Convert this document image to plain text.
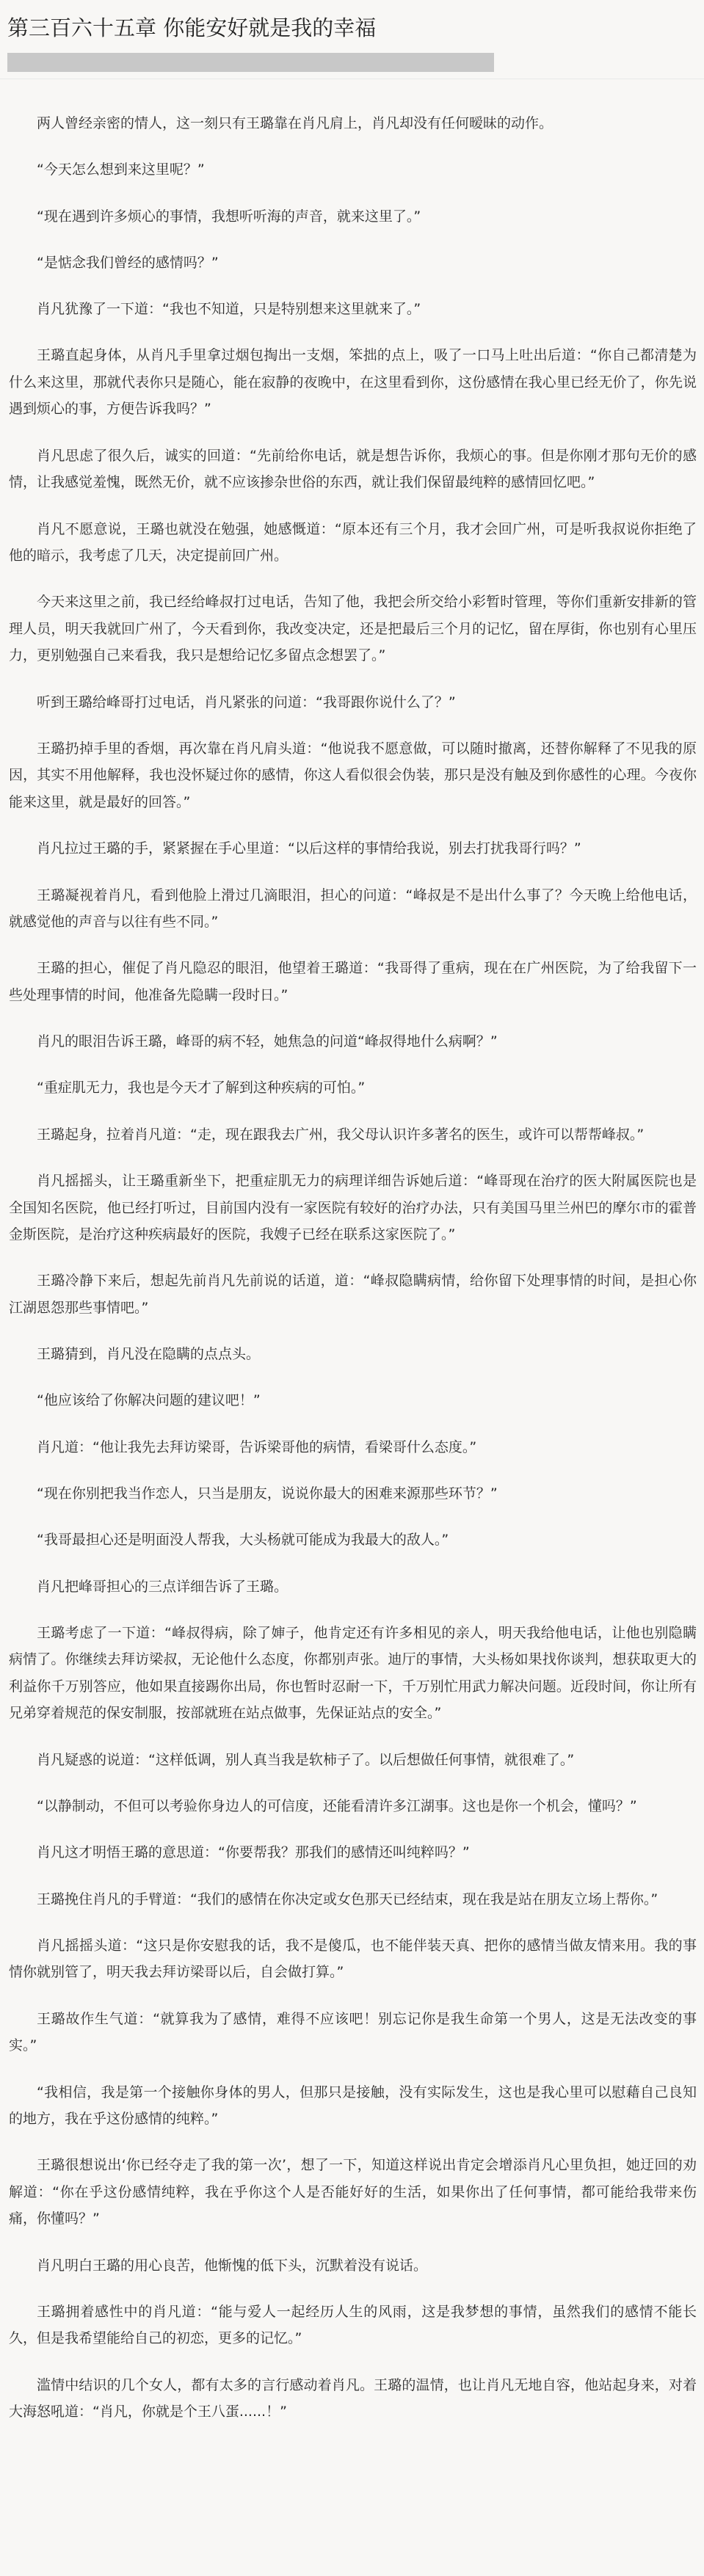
第三百六十五章 你能安好就是我的幸福

两人曾经亲密的情人，这一刻只有王璐靠在肖凡肩上，肖凡却没有任何暧昧的动作。

“今天怎么想到来这里呢？”

“现在遇到许多烦心的事情，我想听听海的声音，就来这里了。”

“是惦念我们曾经的感情吗？”

肖凡犹豫了一下道：“我也不知道，只是特别想来这里就来了。”

王璐直起身体，从肖凡手里拿过烟包掏出一支烟，笨拙的点上，吸了一口马上吐出后道：“你自己都清楚为什么来这里，那就代表你只是随心，能在寂静的夜晚中，在这里看到你，这份感情在我心里已经无价了，你先说遇到烦心的事，方便告诉我吗？”

肖凡思虑了很久后，诚实的回道：“先前给你电话，就是想告诉你，我烦心的事。但是你刚才那句无价的感情，让我感觉羞愧，既然无价，就不应该掺杂世俗的东西，就让我们保留最纯粹的感情回忆吧。”

肖凡不愿意说，王璐也就没在勉强，她感慨道：“原本还有三个月，我才会回广州，可是听我叔说你拒绝了他的暗示，我考虑了几天，决定提前回广州。

今天来这里之前，我已经给峰叔打过电话，告知了他，我把会所交给小彩暂时管理，等你们重新安排新的管理人员，明天我就回广州了，今天看到你，我改变决定，还是把最后三个月的记忆，留在厚街，你也别有心里压力，更别勉强自己来看我，我只是想给记忆多留点念想罢了。”

听到王璐给峰哥打过电话，肖凡紧张的问道：“我哥跟你说什么了？”

王璐扔掉手里的香烟，再次靠在肖凡肩头道：“他说我不愿意做，可以随时撤离，还替你解释了不见我的原因，其实不用他解释，我也没怀疑过你的感情，你这人看似很会伪装，那只是没有触及到你感性的心理。今夜你能来这里，就是最好的回答。”

肖凡拉过王璐的手，紧紧握在手心里道：“以后这样的事情给我说，别去打扰我哥行吗？”

王璐凝视着肖凡，看到他脸上滑过几滴眼泪，担心的问道：“峰叔是不是出什么事了？今天晚上给他电话，就感觉他的声音与以往有些不同。”

王璐的担心，催促了肖凡隐忍的眼泪，他望着王璐道：“我哥得了重病，现在在广州医院，为了给我留下一些处理事情的时间，他准备先隐瞒一段时日。”

肖凡的眼泪告诉王璐，峰哥的病不轻，她焦急的问道“峰叔得地什么病啊？”

“重症肌无力，我也是今天才了解到这种疾病的可怕。”

王璐起身，拉着肖凡道：“走，现在跟我去广州，我父母认识许多著名的医生，或许可以帮帮峰叔。”

肖凡摇摇头，让王璐重新坐下，把重症肌无力的病理详细告诉她后道：“峰哥现在治疗的医大附属医院也是全国知名医院，他已经打听过，目前国内没有一家医院有较好的治疗办法，只有美国马里兰州巴的摩尔市的霍普金斯医院，是治疗这种疾病最好的医院，我嫂子已经在联系这家医院了。”

王璐冷静下来后，想起先前肖凡先前说的话道，道：“峰叔隐瞒病情，给你留下处理事情的时间，是担心你江湖恩怨那些事情吧。”

王璐猜到，肖凡没在隐瞒的点点头。

“他应该给了你解决问题的建议吧！”

肖凡道：“他让我先去拜访梁哥，告诉梁哥他的病情，看梁哥什么态度。”

“现在你别把我当作恋人，只当是朋友，说说你最大的困难来源那些环节？”

“我哥最担心还是明面没人帮我，大头杨就可能成为我最大的敌人。”

肖凡把峰哥担心的三点详细告诉了王璐。

王璐考虑了一下道：“峰叔得病，除了婶子，他肯定还有许多相见的亲人，明天我给他电话，让他也别隐瞒病情了。你继续去拜访梁叔，无论他什么态度，你都别声张。迪厅的事情，大头杨如果找你谈判，想获取更大的利益你千万别答应，他如果直接踢你出局，你也暂时忍耐一下，千万别忙用武力解决问题。近段时间，你让所有兄弟穿着规范的保安制服，按部就班在站点做事，先保证站点的安全。”

肖凡疑惑的说道：“这样低调，别人真当我是软柿子了。以后想做任何事情，就很难了。”

“以静制动，不但可以考验你身边人的可信度，还能看清许多江湖事。这也是你一个机会，懂吗？”

肖凡这才明悟王璐的意思道：“你要帮我？那我们的感情还叫纯粹吗？”

王璐挽住肖凡的手臂道：“我们的感情在你决定或女色那天已经结束，现在我是站在朋友立场上帮你。”

肖凡摇摇头道：“这只是你安慰我的话，我不是傻瓜，也不能伴装天真、把你的感情当做友情来用。我的事情你就别管了，明天我去拜访梁哥以后，自会做打算。”

王璐故作生气道：“就算我为了感情，难得不应该吧！别忘记你是我生命第一个男人，这是无法改变的事实。”

“我相信，我是第一个接触你身体的男人，但那只是接触，没有实际发生，这也是我心里可以慰藉自己良知的地方，我在乎这份感情的纯粹。”

王璐很想说出‘你已经夺走了我的第一次’，想了一下，知道这样说出肯定会增添肖凡心里负担，她迂回的劝解道：“你在乎这份感情纯粹，我在乎你这个人是否能好好的生活，如果你出了任何事情，都可能给我带来伤痛，你懂吗？”

肖凡明白王璐的用心良苦，他惭愧的低下头，沉默着没有说话。

王璐拥着感性中的肖凡道：“能与爱人一起经历人生的风雨，这是我梦想的事情，虽然我们的感情不能长久，但是我希望能给自己的初恋，更多的记忆。”

滥情中结识的几个女人，都有太多的言行感动着肖凡。王璐的温情，也让肖凡无地自容，他站起身来，对着大海怒吼道：“肖凡，你就是个王八蛋......！”
